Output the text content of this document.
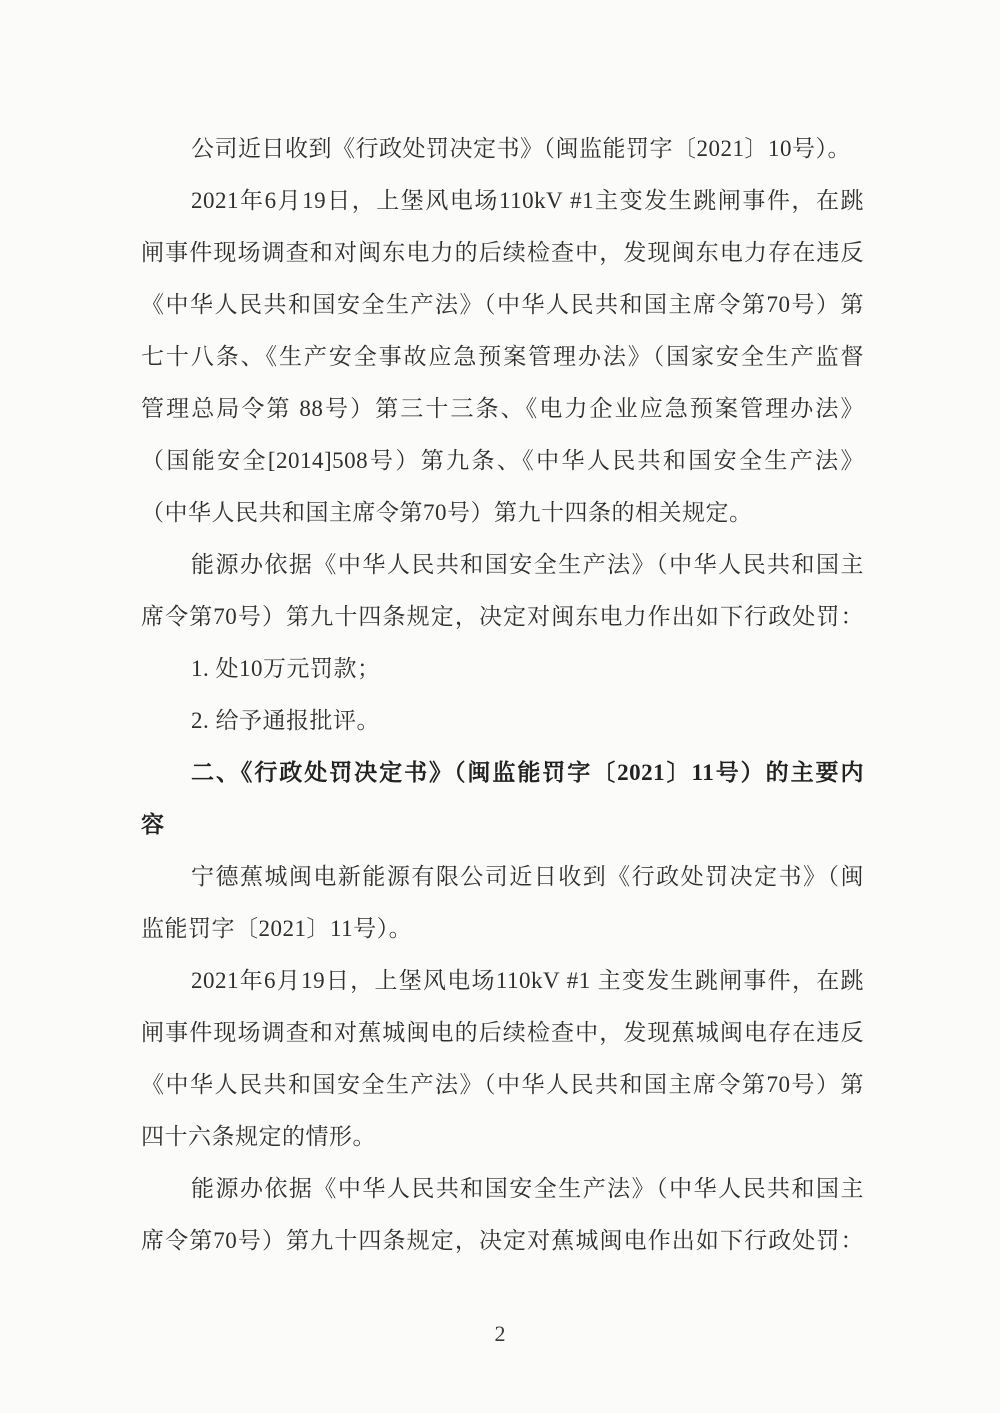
公司近日收到《行政处罚决定书》（闽监能罚字〔2021〕10号）。
2021年6月19日，上堡风电场110kV #1主变发生跳闸事件，在跳
闸事件现场调查和对闽东电力的后续检查中，发现闽东电力存在违反
《中华人民共和国安全生产法》（中华人民共和国主席令第70号）第
七十八条、《生产安全事故应急预案管理办法》（国家安全生产监督
管理总局令第 88号）第三十三条、《电力企业应急预案管理办法》
（国能安全[2014]508号）第九条、《中华人民共和国安全生产法》
（中华人民共和国主席令第70号）第九十四条的相关规定。
能源办依据《中华人民共和国安全生产法》（中华人民共和国主
席令第70号）第九十四条规定，决定对闽东电力作出如下行政处罚：
1. 处10万元罚款；
2. 给予通报批评。
二、《行政处罚决定书》（闽监能罚字〔2021〕11号）的主要内
容
宁德蕉城闽电新能源有限公司近日收到《行政处罚决定书》（闽
监能罚字〔2021〕11号）。
2021年6月19日，上堡风电场110kV #1 主变发生跳闸事件，在跳
闸事件现场调查和对蕉城闽电的后续检查中，发现蕉城闽电存在违反
《中华人民共和国安全生产法》（中华人民共和国主席令第70号）第
四十六条规定的情形。
能源办依据《中华人民共和国安全生产法》（中华人民共和国主
席令第70号）第九十四条规定，决定对蕉城闽电作出如下行政处罚：
2
